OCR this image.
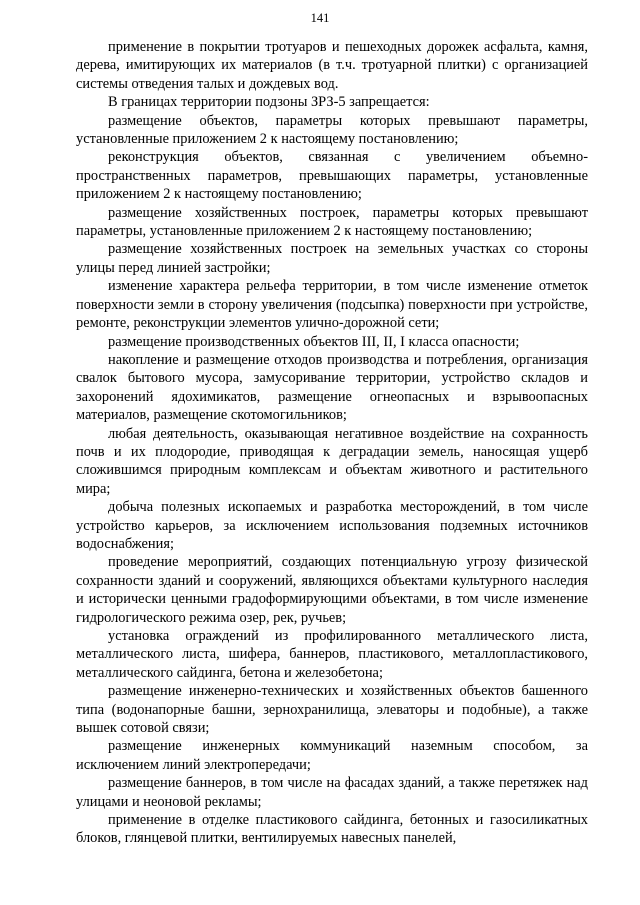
141

применение в покрытии тротуаров и пешеходных дорожек асфальта, камня, дерева, имитирующих их материалов (в т.ч. тротуарной плитки) с организацией системы отведения талых и дождевых вод.

В границах территории подзоны ЗРЗ-5 запрещается:

размещение объектов, параметры которых превышают параметры, установленные приложением 2 к настоящему постановлению;

реконструкция объектов, связанная с увеличением объемно-пространственных параметров, превышающих параметры, установленные приложением 2 к настоящему постановлению;

размещение хозяйственных построек, параметры которых превышают параметры, установленные приложением 2 к настоящему постановлению;

размещение хозяйственных построек на земельных участках со стороны улицы перед линией застройки;

изменение характера рельефа территории, в том числе изменение отметок поверхности земли в сторону увеличения (подсыпка) поверхности при устройстве, ремонте, реконструкции элементов улично-дорожной сети;

размещение производственных объектов III, II, I класса опасности;

накопление и размещение отходов производства и потребления, организация свалок бытового мусора, замусоривание территории, устройство складов и захоронений ядохимикатов, размещение огнеопасных и взрывоопасных материалов, размещение скотомогильников;

любая деятельность, оказывающая негативное воздействие на сохранность почв и их плодородие, приводящая к деградации земель, наносящая ущерб сложившимся природным комплексам и объектам животного и растительного мира;

добыча полезных ископаемых и разработка месторождений, в том числе устройство карьеров, за исключением использования подземных источников водоснабжения;

проведение мероприятий, создающих потенциальную угрозу физической сохранности зданий и сооружений, являющихся объектами культурного наследия и исторически ценными градоформирующими объектами, в том числе изменение гидрологического режима озер, рек, ручьев;

установка ограждений из профилированного металлического листа, металлического листа, шифера, баннеров, пластикового, металлопластикового, металлического сайдинга, бетона и железобетона;

размещение инженерно-технических и хозяйственных объектов башенного типа (водонапорные башни, зернохранилища, элеваторы и подобные), а также вышек сотовой связи;

размещение инженерных коммуникаций наземным способом, за исключением линий электропередачи;

размещение баннеров, в том числе на фасадах зданий, а также перетяжек над улицами и неоновой рекламы;

применение в отделке пластикового сайдинга, бетонных и газосиликатных блоков, глянцевой плитки, вентилируемых навесных панелей,
